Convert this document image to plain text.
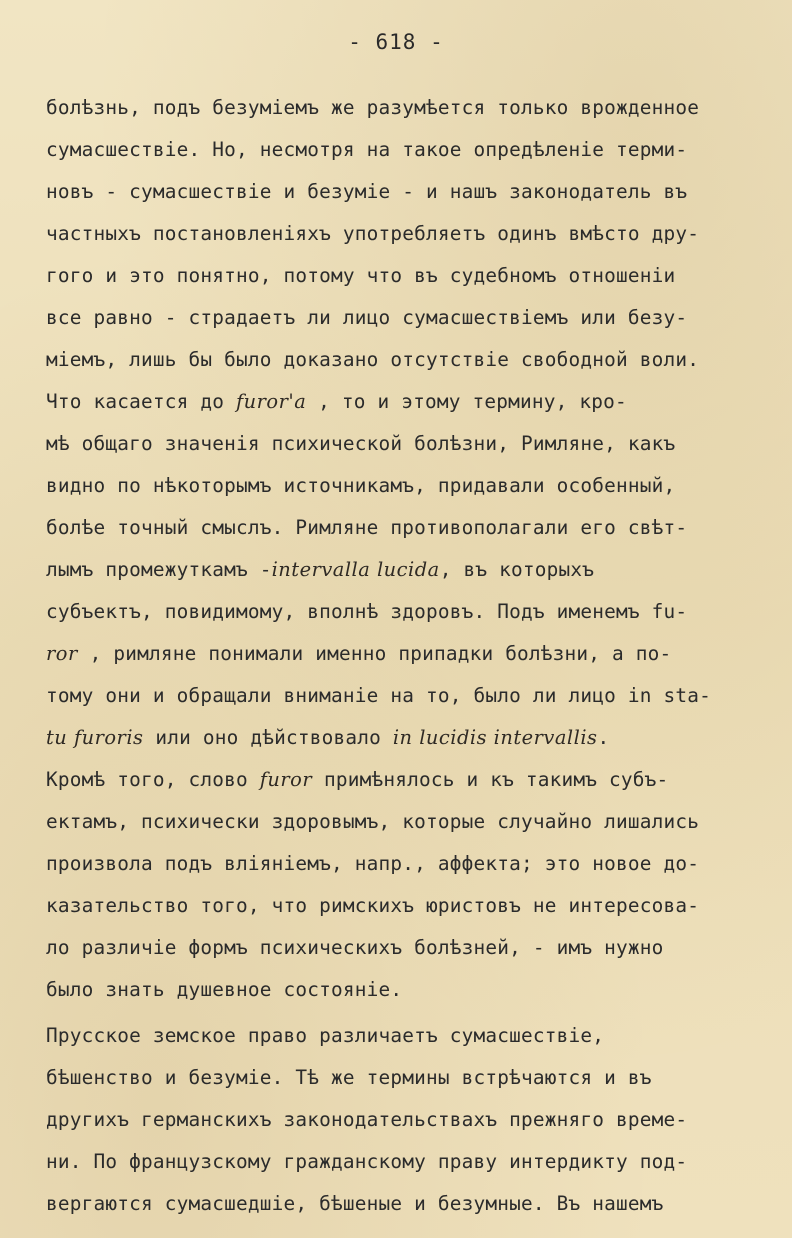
- 618 -
болѣзнь, подъ безуміемъ же разумѣется только врожденное
сумасшествіе. Но, несмотря на такое опредѣленіе терми-
новъ - сумасшествіе и безуміе - и нашъ законодатель въ
частныхъ постановленіяхъ употребляетъ одинъ вмѣсто дру-
гого и это понятно, потому что въ судебномъ отношеніи
все равно - страдаетъ ли лицо сумасшествіемъ или безу-
міемъ, лишь бы было доказано отсутствіе свободной воли.
Что касается до furor'a , то и этому термину, кро-
мѣ общаго значенія психической болѣзни, Римляне, какъ
видно по нѣкоторымъ источникамъ, придавали особенный,
болѣе точный смыслъ. Римляне противополагали его свѣт-
лымъ промежуткамъ -intervalla lucida, въ которыхъ
субъектъ, повидимому, вполнѣ здоровъ. Подъ именемъ fu-
ror , римляне понимали именно припадки болѣзни, а по-
тому они и обращали вниманіе на то, было ли лицо in sta-
tu furoris или оно дѣйствовало in lucidis intervallis.
Кромѣ того, слово furor примѣнялось и къ такимъ субъ-
ектамъ, психически здоровымъ, которые случайно лишались
произвола подъ вліяніемъ, напр., аффекта; это новое до-
казательство того, что римскихъ юристовъ не интересова-
ло различіе формъ психическихъ болѣзней, - имъ нужно
было знать душевное состояніе.
Прусское земское право различаетъ сумасшествіе,
бѣшенство и безуміе. Тѣ же термины встрѣчаются и въ
другихъ германскихъ законодательствахъ прежняго време-
ни. По французскому гражданскому праву интердикту под-
вергаются сумасшедшіе, бѣшеные и безумные. Въ нашемъ
